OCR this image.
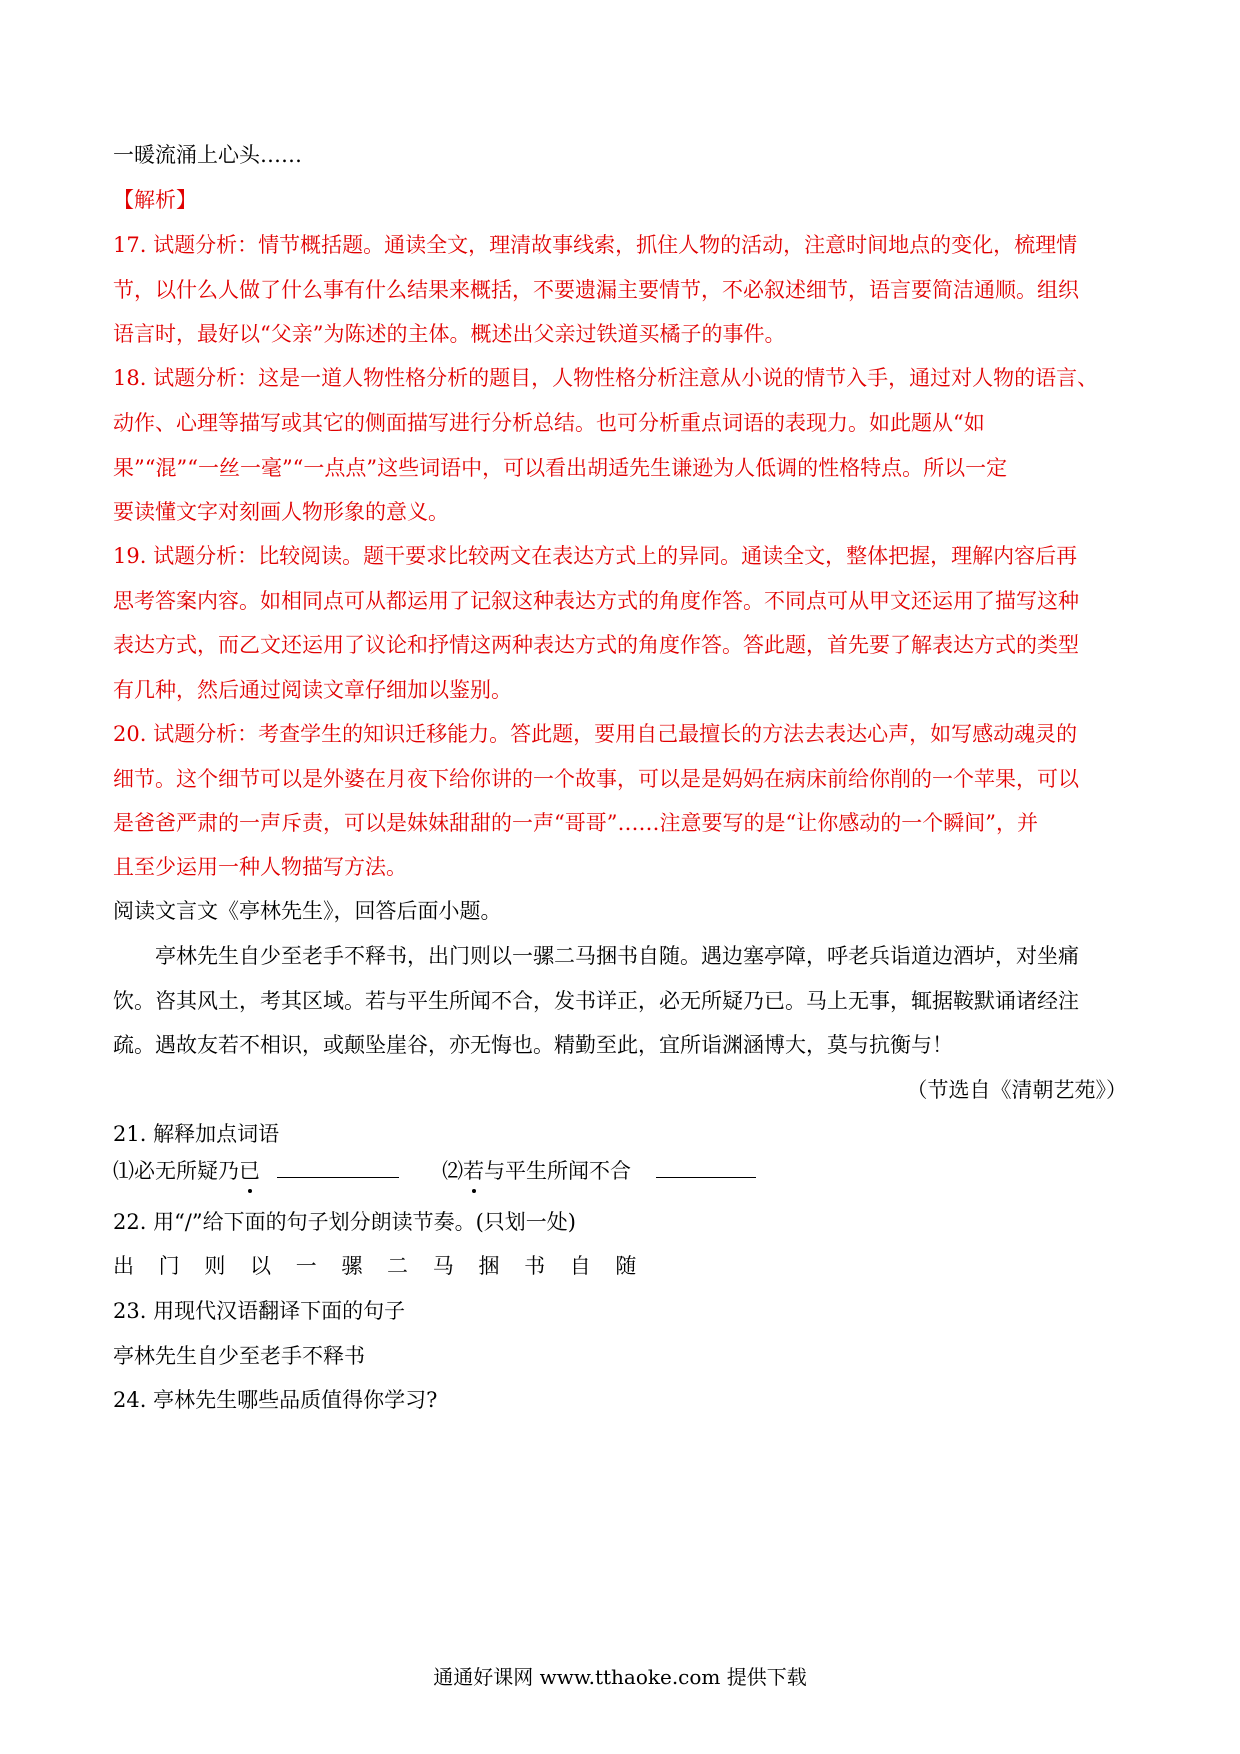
一暖流涌上心头……
【解析】
17. 试题分析：情节概括题。通读全文，理清故事线索，抓住人物的活动，注意时间地点的变化，梳理情
节，以什么人做了什么事有什么结果来概括，不要遗漏主要情节，不必叙述细节，语言要简洁通顺。组织
语言时，最好以“父亲”为陈述的主体。概述出父亲过铁道买橘子的事件。
18. 试题分析：这是一道人物性格分析的题目，人物性格分析注意从小说的情节入手，通过对人物的语言、
动作、心理等描写或其它的侧面描写进行分析总结。也可分析重点词语的表现力。如此题从“如
果”“混”“一丝一毫”“一点点”这些词语中，可以看出胡适先生谦逊为人低调的性格特点。所以一定
要读懂文字对刻画人物形象的意义。
19. 试题分析：比较阅读。题干要求比较两文在表达方式上的异同。通读全文，整体把握，理解内容后再
思考答案内容。如相同点可从都运用了记叙这种表达方式的角度作答。不同点可从甲文还运用了描写这种
表达方式，而乙文还运用了议论和抒情这两种表达方式的角度作答。答此题，首先要了解表达方式的类型
有几种，然后通过阅读文章仔细加以鉴别。
20. 试题分析：考查学生的知识迁移能力。答此题，要用自己最擅长的方法去表达心声，如写感动魂灵的
细节。这个细节可以是外婆在月夜下给你讲的一个故事，可以是是妈妈在病床前给你削的一个苹果，可以
是爸爸严肃的一声斥责，可以是妹妹甜甜的一声“哥哥”……注意要写的是“让你感动的一个瞬间”，并
且至少运用一种人物描写方法。
阅读文言文《亭林先生》，回答后面小题。
亭林先生自少至老手不释书，出门则以一骡二马捆书自随。遇边塞亭障，呼老兵诣道边酒垆，对坐痛
饮。咨其风土，考其区域。若与平生所闻不合，发书详正，必无所疑乃已。马上无事，辄据鞍默诵诸经注
疏。遇故友若不相识，或颠坠崖谷，亦无悔也。精勤至此，宜所诣渊涵博大，莫与抗衡与！
（节选自《清朝艺苑》）
21. 解释加点词语
⑴必无所疑乃已	⑵若与平生所闻不合
22. 用“/”给下面的句子划分朗读节奏。(只划一处)
出 门 则 以 一 骡 二 马 捆 书 自 随
23. 用现代汉语翻译下面的句子
亭林先生自少至老手不释书
24. 亭林先生哪些品质值得你学习?
通通好课网 www.tthaoke.com 提供下载
